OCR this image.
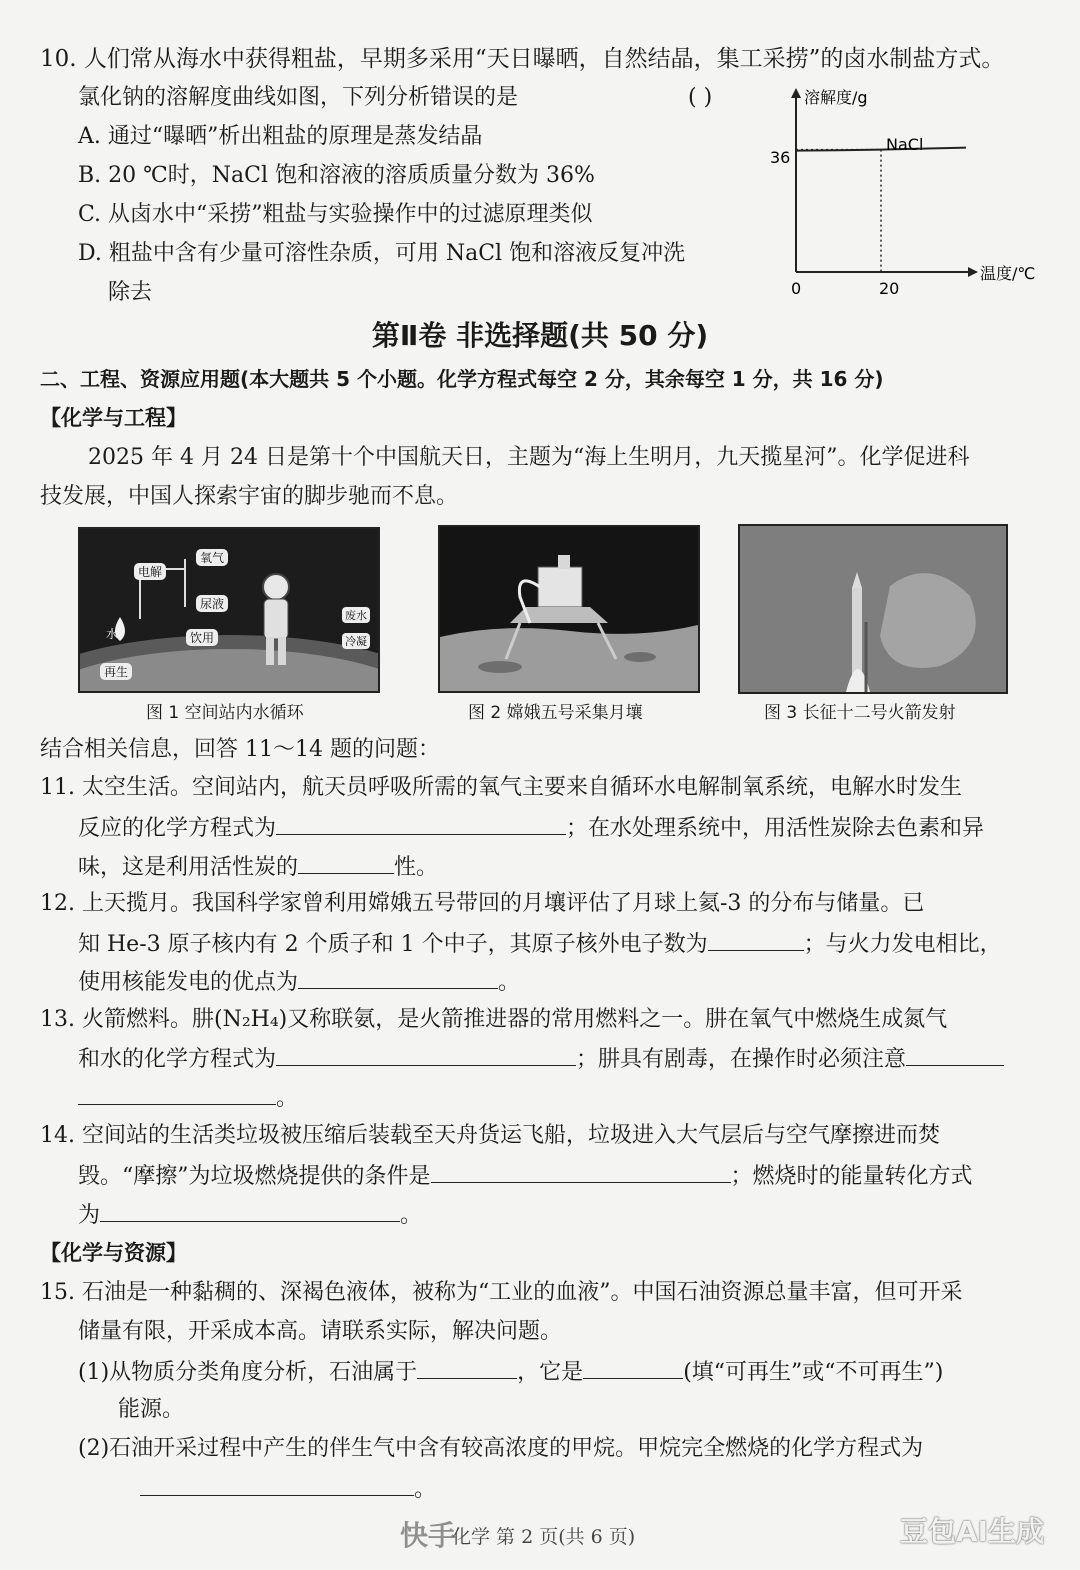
10. 人们常从海水中获得粗盐，早期多采用“天日曝晒，自然结晶，集工采捞”的卤水制盐方式。
氯化钠的溶解度曲线如图，下列分析错误的是	( )
A. 通过“曝晒”析出粗盐的原理是蒸发结晶
B. 20 ℃时，NaCl 饱和溶液的溶质质量分数为 36%
C. 从卤水中“采捞”粗盐与实验操作中的过滤原理类似
D. 粗盐中含有少量可溶性杂质，可用 NaCl 饱和溶液反复冲洗
除去
溶解度/g
温度/℃
0	20
36
NaCl
第Ⅱ卷 非选择题(共 50 分)
二、工程、资源应用题(本大题共 5 个小题。化学方程式每空 2 分，其余每空 1 分，共 16 分)
【化学与工程】
2025 年 4 月 24 日是第十个中国航天日，主题为“海上生明月，九天揽星河”。化学促进科
技发展，中国人探索宇宙的脚步驰而不息。
氧气
电解
尿液
饮用
废水
冷凝
再生
水
图 1 空间站内水循环	图 2 嫦娥五号采集月壤	图 3 长征十二号火箭发射
结合相关信息，回答 11～14 题的问题：
11. 太空生活。空间站内，航天员呼吸所需的氧气主要来自循环水电解制氧系统，电解水时发生
反应的化学方程式为	；在水处理系统中，用活性炭除去色素和异
味，这是利用活性炭的	性。
12. 上天揽月。我国科学家曾利用嫦娥五号带回的月壤评估了月球上氦-3 的分布与储量。已
知 He-3 原子核内有 2 个质子和 1 个中子，其原子核外电子数为	；与火力发电相比，
使用核能发电的优点为	。
13. 火箭燃料。肼(N₂H₄)又称联氨，是火箭推进器的常用燃料之一。肼在氧气中燃烧生成氮气
和水的化学方程式为	；肼具有剧毒，在操作时必须注意
。
14. 空间站的生活类垃圾被压缩后装载至天舟货运飞船，垃圾进入大气层后与空气摩擦进而焚
毁。“摩擦”为垃圾燃烧提供的条件是	；燃烧时的能量转化方式
为	。
【化学与资源】
15. 石油是一种黏稠的、深褐色液体，被称为“工业的血液”。中国石油资源总量丰富，但可开采
储量有限，开采成本高。请联系实际，解决问题。
(1)从物质分类角度分析，石油属于	，它是	(填“可再生”或“不可再生”)
能源。
(2)石油开采过程中产生的伴生气中含有较高浓度的甲烷。甲烷完全燃烧的化学方程式为
。
化学 第 2 页(共 6 页)
快手	豆包AI生成
